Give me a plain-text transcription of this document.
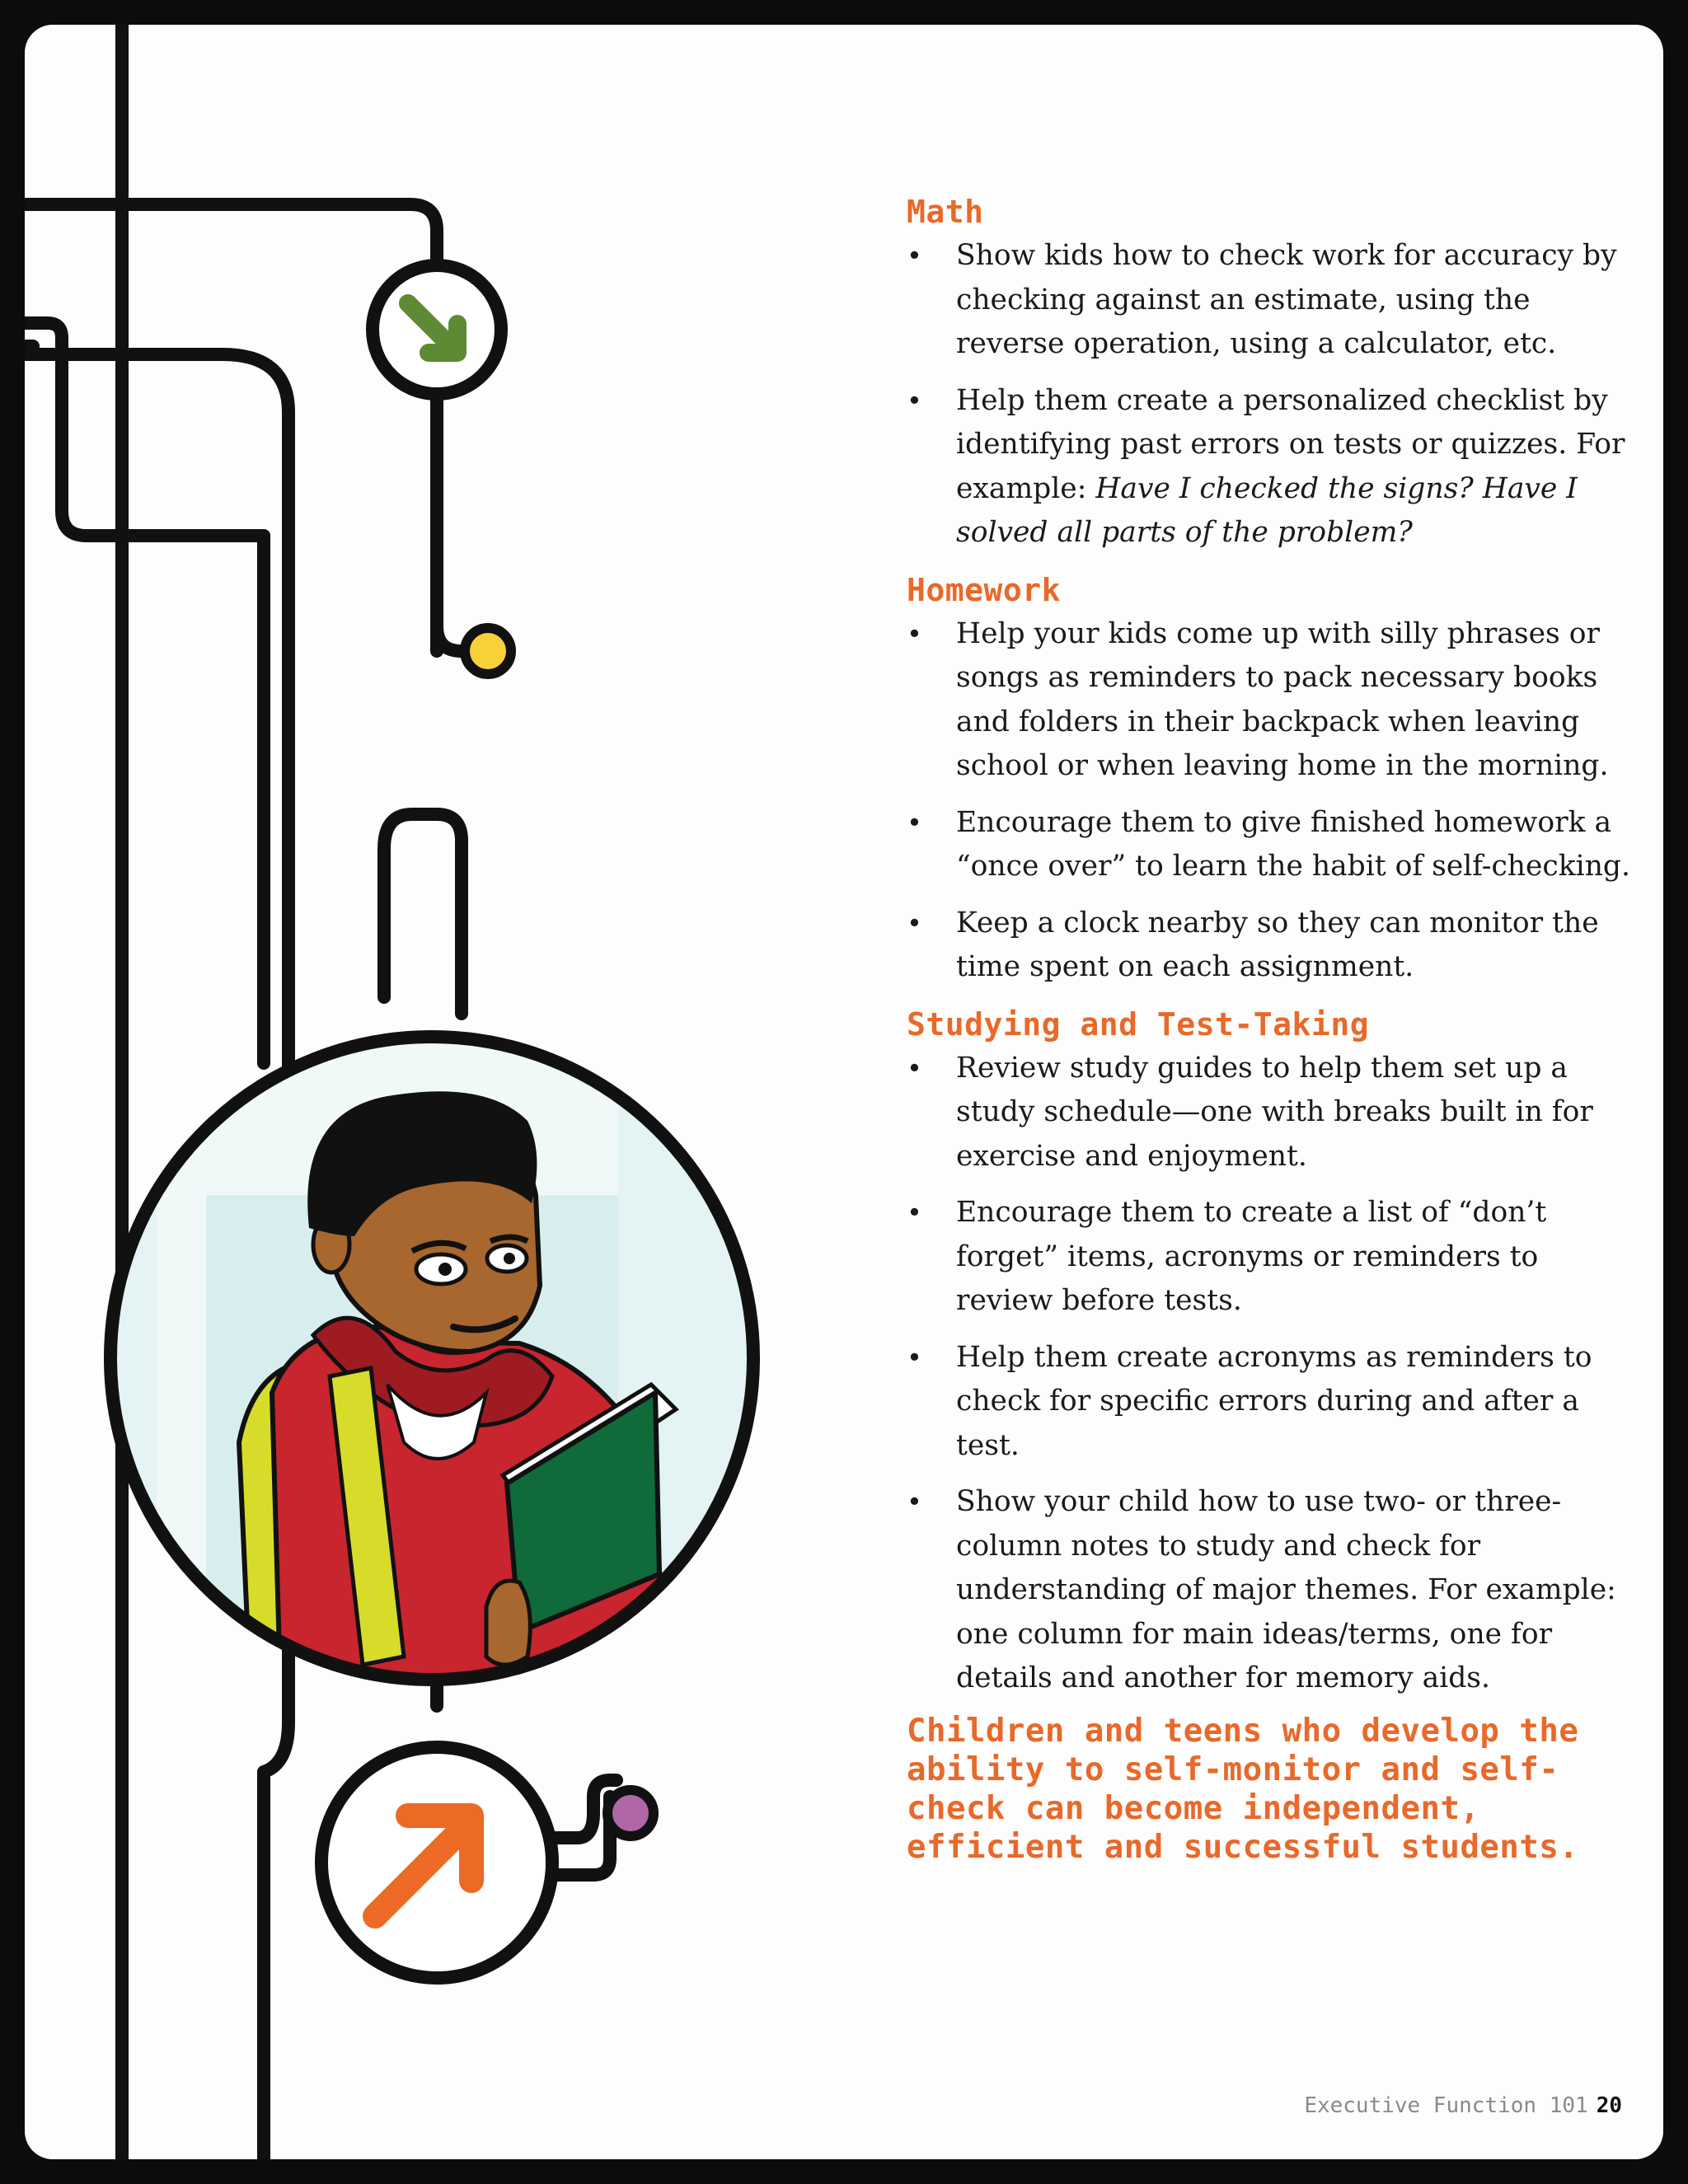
Math
• Show kids how to check work for accuracy by checking against an estimate, using the reverse operation, using a calculator, etc.
• Help them create a personalized checklist by identifying past errors on tests or quizzes. For example: Have I checked the signs? Have I solved all parts of the problem?
Homework
• Help your kids come up with silly phrases or songs as reminders to pack necessary books and folders in their backpack when leaving school or when leaving home in the morning.
• Encourage them to give finished homework a “once over” to learn the habit of self-checking.
• Keep a clock nearby so they can monitor the time spent on each assignment.
Studying and Test-Taking
• Review study guides to help them set up a study schedule—one with breaks built in for exercise and enjoyment.
• Encourage them to create a list of “don’t forget” items, acronyms or reminders to review before tests.
• Help them create acronyms as reminders to check for specific errors during and after a test.
• Show your child how to use two- or three-column notes to study and check for understanding of major themes. For example: one column for main ideas/terms, one for details and another for memory aids.
Children and teens who develop the ability to self-monitor and self-check can become independent, efficient and successful students.
Executive Function 101 20
